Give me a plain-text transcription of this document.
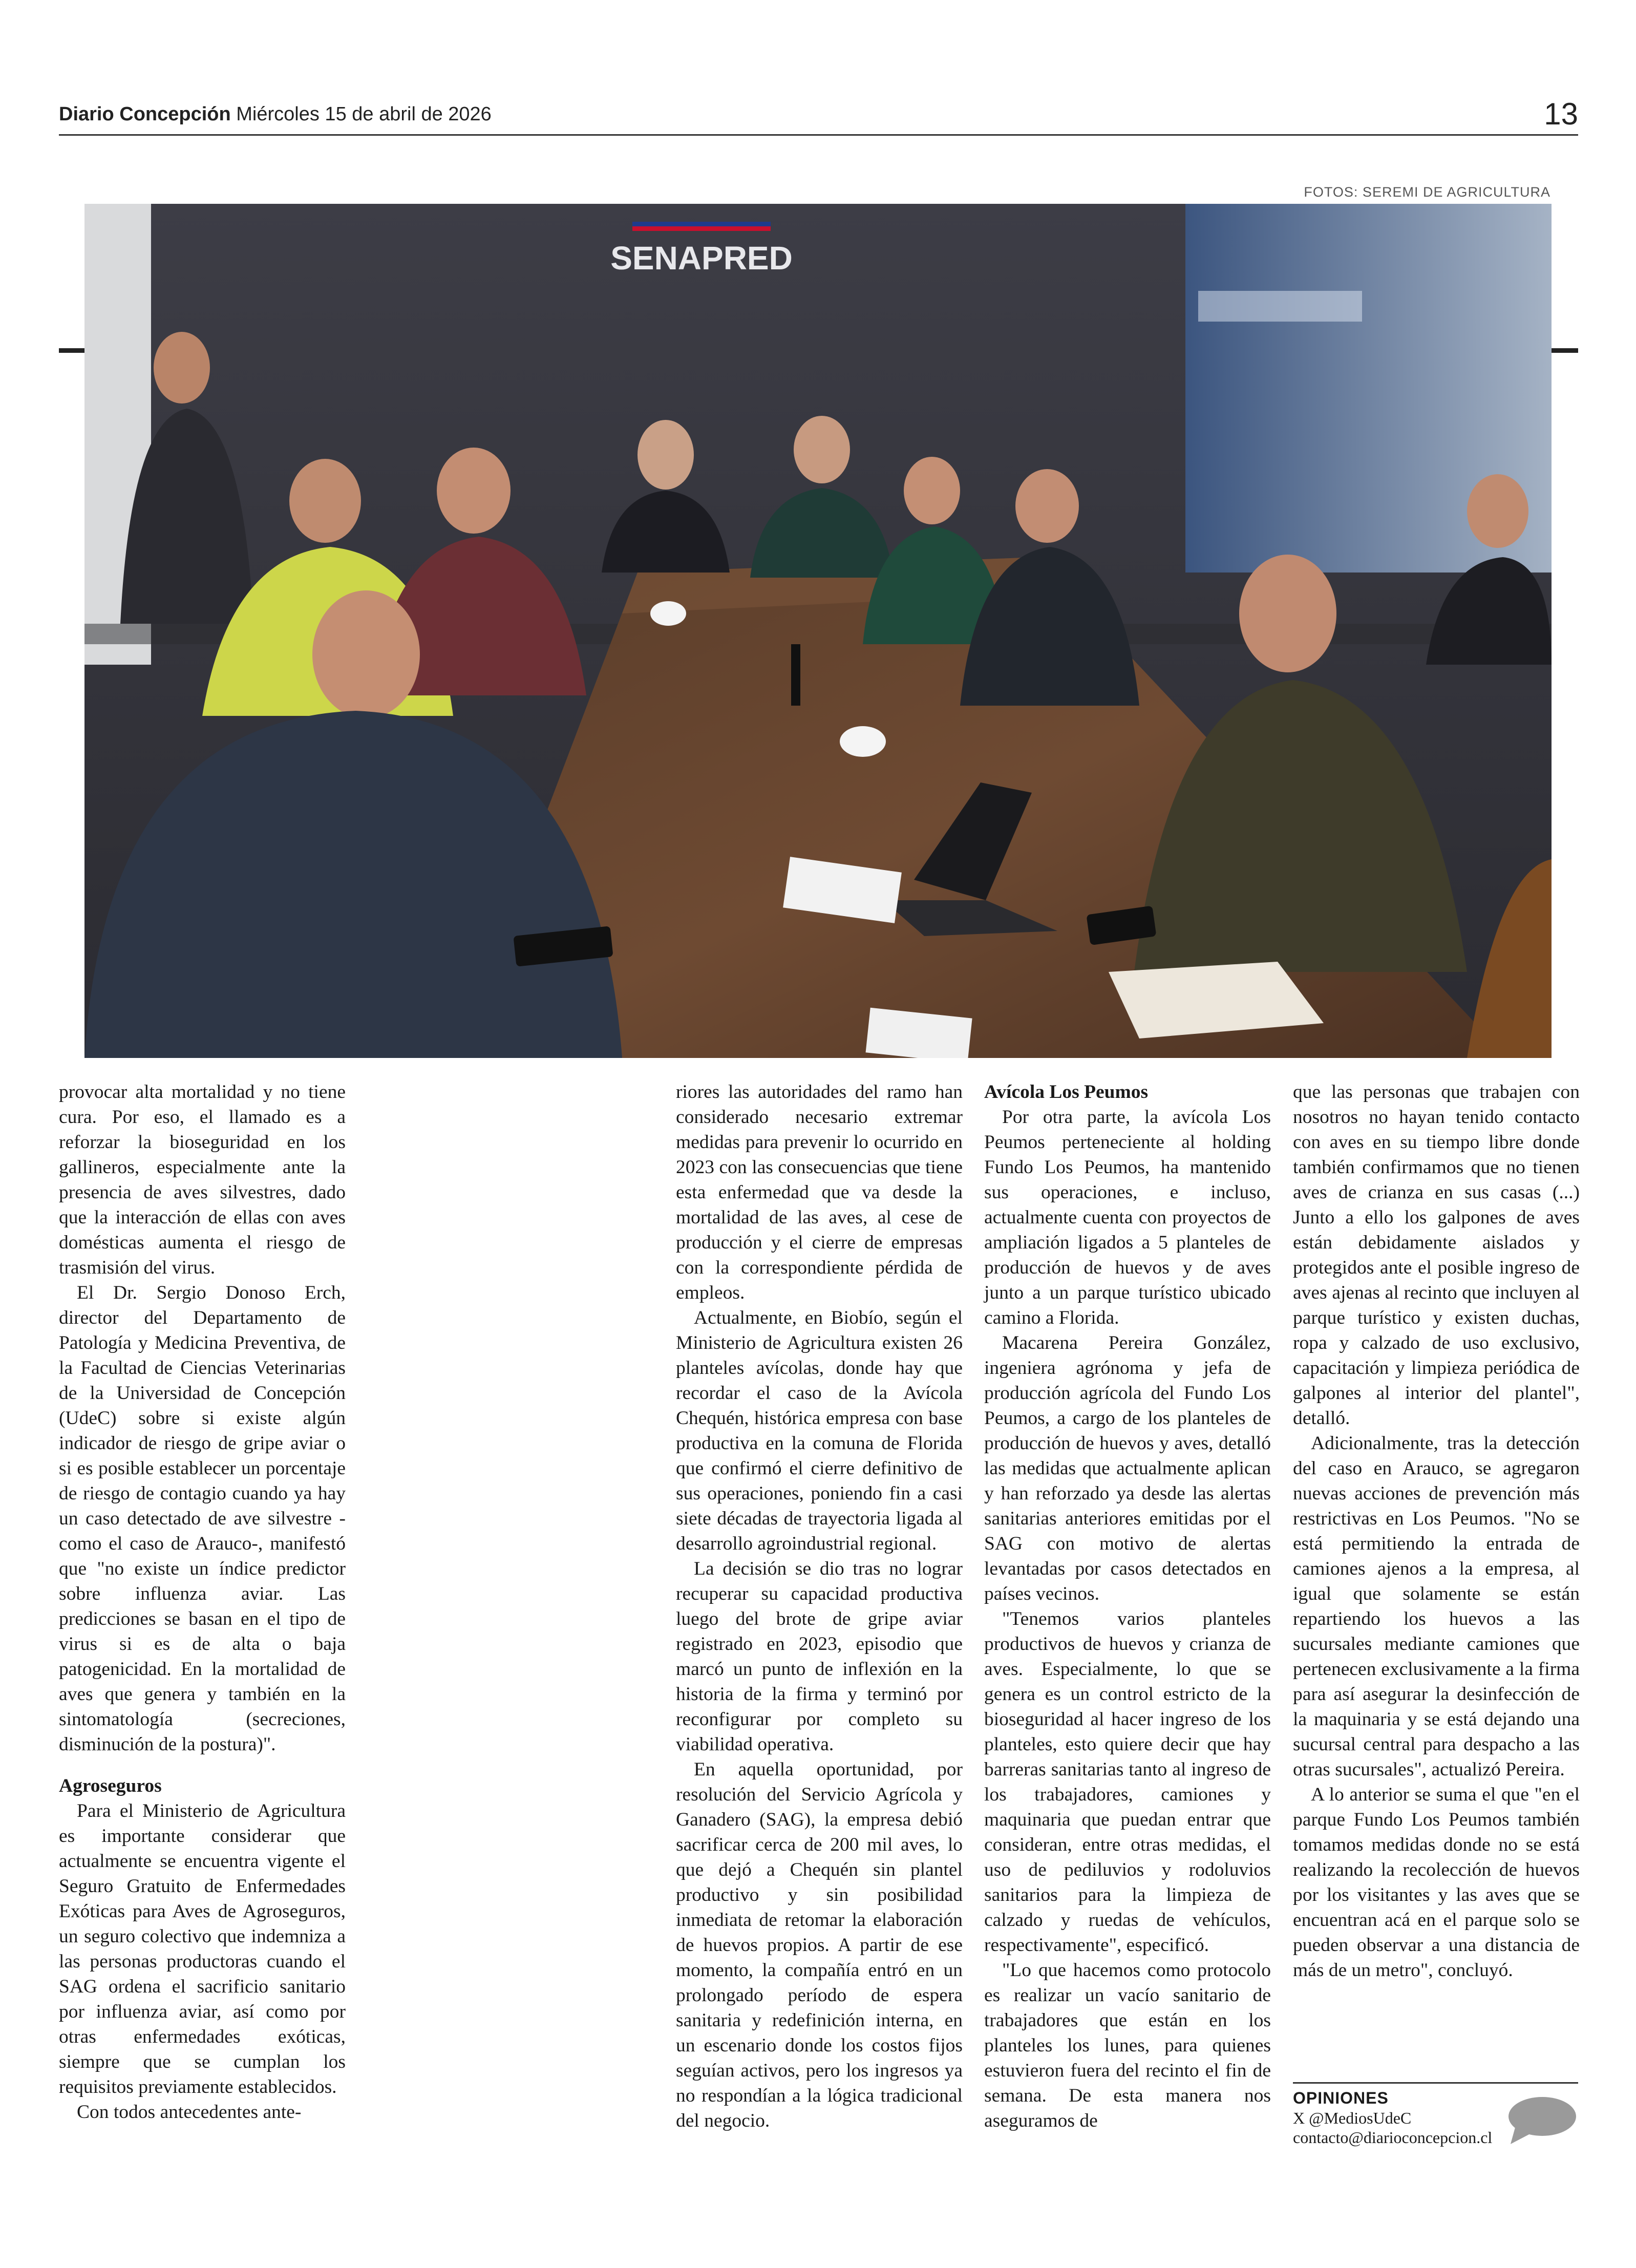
Diario Concepción Miércoles 15 de abril de 2026	13
FOTOS: SEREMI DE AGRICULTURA
SENAPRED

provocar alta mortalidad y no tiene cura. Por eso, el llamado es a reforzar la bioseguridad en los gallineros, especialmente ante la presencia de aves silvestres, dado que la interacción de ellas con aves domésticas aumenta el riesgo de trasmisión del virus.

El Dr. Sergio Donoso Erch, director del Departamento de Patología y Medicina Preventiva, de la Facultad de Ciencias Veterinarias de la Universidad de Concepción (UdeC) sobre si existe algún indicador de riesgo de gripe aviar o si es posible establecer un porcentaje de riesgo de contagio cuando ya hay un caso detectado de ave silvestre - como el caso de Arauco-, manifestó que "no existe un índice predictor sobre influenza aviar. Las predicciones se basan en el tipo de virus si es de alta o baja patogenicidad. En la mortalidad de aves que genera y también en la sintomatología (secreciones, disminución de la postura)".

Agroseguros

Para el Ministerio de Agricultura es importante considerar que actualmente se encuentra vigente el Seguro Gratuito de Enfermedades Exóticas para Aves de Agroseguros, un seguro colectivo que indemniza a las personas productoras cuando el SAG ordena el sacrificio sanitario por influenza aviar, así como por otras enfermedades exóticas, siempre que se cumplan los requisitos previamente establecidos.

Con todos antecedentes ante-

riores las autoridades del ramo han considerado necesario extremar medidas para prevenir lo ocurrido en 2023 con las consecuencias que tiene esta enfermedad que va desde la mortalidad de las aves, al cese de producción y el cierre de empresas con la correspondiente pérdida de empleos.

Actualmente, en Biobío, según el Ministerio de Agricultura existen 26 planteles avícolas, donde hay que recordar el caso de la Avícola Chequén, histórica empresa con base productiva en la comuna de Florida que confirmó el cierre definitivo de sus operaciones, poniendo fin a casi siete décadas de trayectoria ligada al desarrollo agroindustrial regional.

La decisión se dio tras no lograr recuperar su capacidad productiva luego del brote de gripe aviar registrado en 2023, episodio que marcó un punto de inflexión en la historia de la firma y terminó por reconfigurar por completo su viabilidad operativa.

En aquella oportunidad, por resolución del Servicio Agrícola y Ganadero (SAG), la empresa debió sacrificar cerca de 200 mil aves, lo que dejó a Chequén sin plantel productivo y sin posibilidad inmediata de retomar la elaboración de huevos propios. A partir de ese momento, la compañía entró en un prolongado período de espera sanitaria y redefinición interna, en un escenario donde los costos fijos seguían activos, pero los ingresos ya no respondían a la lógica tradicional del negocio.

Avícola Los Peumos

Por otra parte, la avícola Los Peumos perteneciente al holding Fundo Los Peumos, ha mantenido sus operaciones, e incluso, actualmente cuenta con proyectos de ampliación ligados a 5 planteles de producción de huevos y de aves junto a un parque turístico ubicado camino a Florida.

Macarena Pereira González, ingeniera agrónoma y jefa de producción agrícola del Fundo Los Peumos, a cargo de los planteles de producción de huevos y aves, detalló las medidas que actualmente aplican y han reforzado ya desde las alertas sanitarias anteriores emitidas por el SAG con motivo de alertas levantadas por casos detectados en países vecinos.

"Tenemos varios planteles productivos de huevos y crianza de aves. Especialmente, lo que se genera es un control estricto de la bioseguridad al hacer ingreso de los planteles, esto quiere decir que hay barreras sanitarias tanto al ingreso de los trabajadores, camiones y maquinaria que puedan entrar que consideran, entre otras medidas, el uso de pediluvios y rodoluvios sanitarios para la limpieza de calzado y ruedas de vehículos, respectivamente", especificó.

"Lo que hacemos como protocolo es realizar un vacío sanitario de trabajadores que están en los planteles los lunes, para quienes estuvieron fuera del recinto el fin de semana. De esta manera nos aseguramos de

que las personas que trabajen con nosotros no hayan tenido contacto con aves en su tiempo libre donde también confirmamos que no tienen aves de crianza en sus casas (...) Junto a ello los galpones de aves están debidamente aislados y protegidos ante el posible ingreso de aves ajenas al recinto que incluyen al parque turístico y existen duchas, ropa y calzado de uso exclusivo, capacitación y limpieza periódica de galpones al interior del plantel", detalló.

Adicionalmente, tras la detección del caso en Arauco, se agregaron nuevas acciones de prevención más restrictivas en Los Peumos. "No se está permitiendo la entrada de camiones ajenos a la empresa, al igual que solamente se están repartiendo los huevos a las sucursales mediante camiones que pertenecen exclusivamente a la firma para así asegurar la desinfección de la maquinaria y se está dejando una sucursal central para despacho a las otras sucursales", actualizó Pereira.

A lo anterior se suma el que "en el parque Fundo Los Peumos también tomamos medidas donde no se está realizando la recolección de huevos por los visitantes y las aves que se encuentran acá en el parque solo se pueden observar a una distancia de más de un metro", concluyó.

OPINIONES
X @MediosUdeC
contacto@diarioconcepcion.cl
